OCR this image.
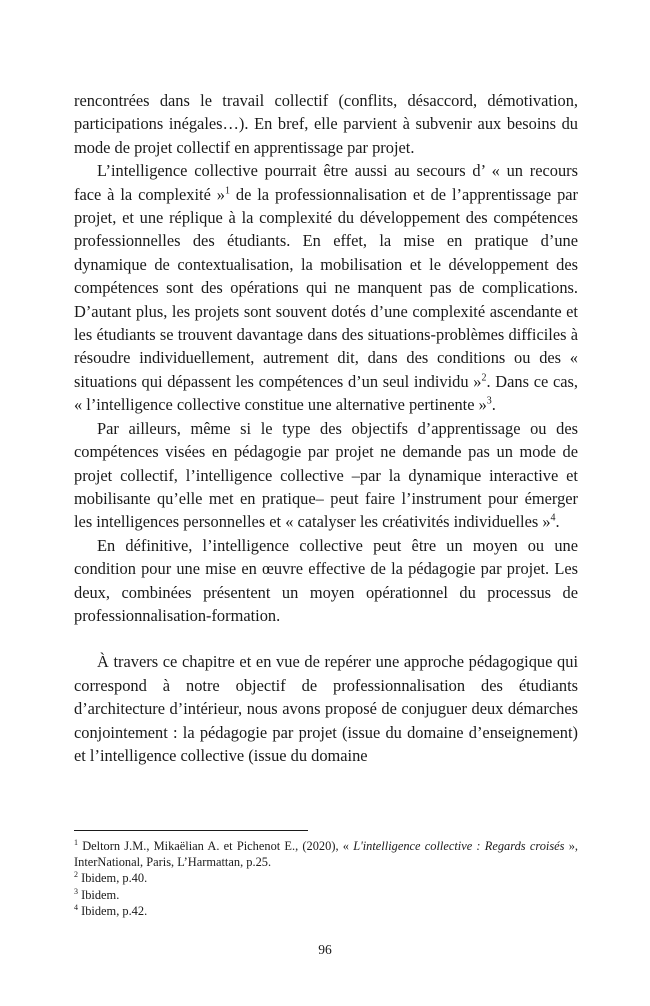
rencontrées dans le travail collectif (conflits, désaccord, démotivation, participations inégales…). En bref, elle parvient à subvenir aux besoins du mode de projet collectif en apprentissage par projet.

L’intelligence collective pourrait être aussi au secours d’ « un recours face à la complexité »$^1$ de la professionnalisation et de l’apprentissage par projet, et une réplique à la complexité du développement des compétences professionnelles des étudiants. En effet, la mise en pratique d’une dynamique de contextualisation, la mobilisation et le développement des compétences sont des opérations qui ne manquent pas de complications. D’autant plus, les projets sont souvent dotés d’une complexité ascendante et les étudiants se trouvent davantage dans des situations-problèmes difficiles à résoudre individuellement, autrement dit, dans des conditions ou des « situations qui dépassent les compétences d’un seul individu »$^2$. Dans ce cas, « l’intelligence collective constitue une alternative pertinente »$^3$.

Par ailleurs, même si le type des objectifs d’apprentissage ou des compétences visées en pédagogie par projet ne demande pas un mode de projet collectif, l’intelligence collective –par la dynamique interactive et mobilisante qu’elle met en pratique– peut faire l’instrument pour émerger les intelligences personnelles et « catalyser les créativités individuelles »$^4$.

En définitive, l’intelligence collective peut être un moyen ou une condition pour une mise en œuvre effective de la pédagogie par projet. Les deux, combinées présentent un moyen opérationnel du processus de professionnalisation-formation.

À travers ce chapitre et en vue de repérer une approche pédagogique qui correspond à notre objectif de professionnalisation des étudiants d’architecture d’intérieur, nous avons proposé de conjuguer deux démarches conjointement : la pédagogie par projet (issue du domaine d’enseignement) et l’intelligence collective (issue du domaine

$^1$ Deltorn J.M., Mikaëlian A. et Pichenot E., (2020), « L'intelligence collective : Regards croisés », InterNational, Paris, L’Harmattan, p.25.

$^2$ Ibidem, p.40.

$^3$ Ibidem.

$^4$ Ibidem, p.42.

96
